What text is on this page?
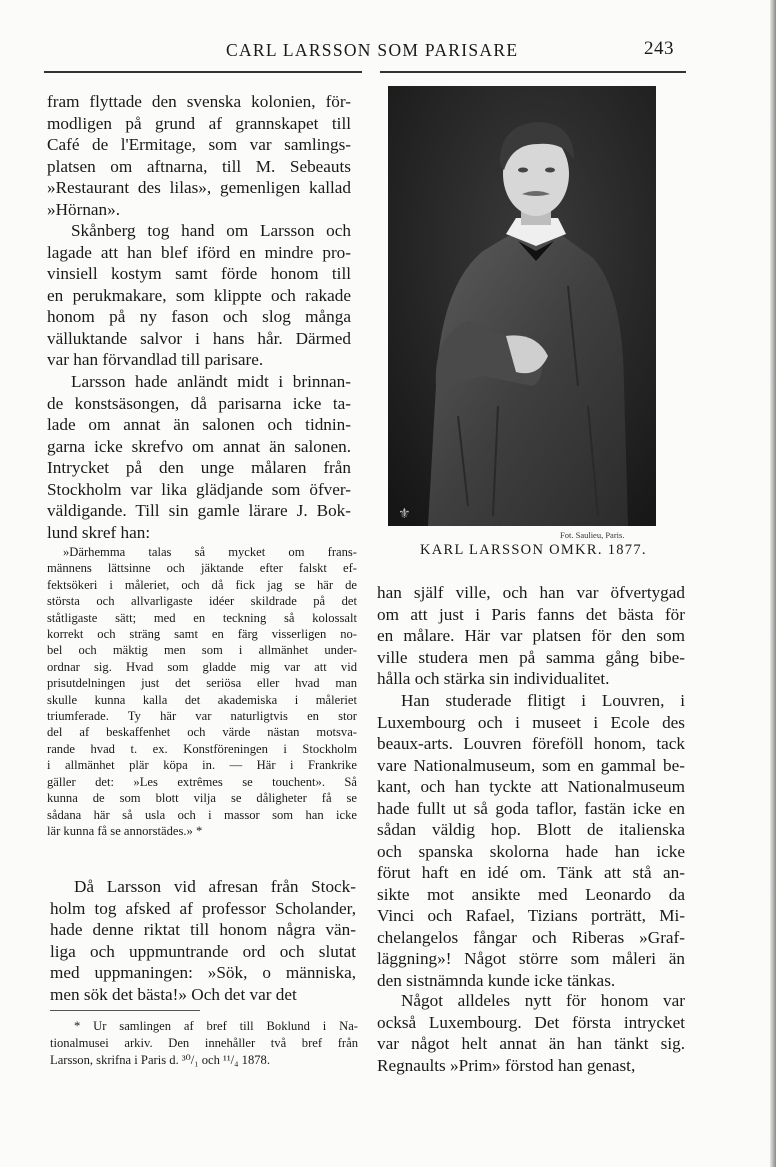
CARL LARSSON SOM PARISARE	243
fram flyttade den svenska kolonien, för-
modligen på grund af grannskapet till
Café de l'Ermitage, som var samlings-
platsen om aftnarna, till M. Sebeauts
»Restaurant des lilas», gemenligen kallad
»Hörnan».
Skånberg tog hand om Larsson och
lagade att han blef iförd en mindre pro-
vinsiell kostym samt förde honom till
en perukmakare, som klippte och rakade
honom på ny fason och slog många
välluktande salvor i hans hår. Därmed
var han förvandlad till parisare.
Larsson hade anländt midt i brinnan-
de konstsäsongen, då parisarna icke ta-
lade om annat än salonen och tidnin-
garna icke skrefvo om annat än salonen.
Intrycket på den unge målaren från
Stockholm var lika glädjande som öfver-
väldigande. Till sin gamle lärare J. Bok-
lund skref han:
»Därhemma talas så mycket om frans-
männens lättsinne och jäktande efter falskt ef-
fektsökeri i måleriet, och då fick jag se här de
största och allvarligaste idéer skildrade på det
ståtligaste sätt; med en teckning så kolossalt
korrekt och sträng samt en färg visserligen no-
bel och mäktig men som i allmänhet under-
ordnar sig. Hvad som gladde mig var att vid
prisutdelningen just det seriösa eller hvad man
skulle kunna kalla det akademiska i måleriet
triumferade. Ty här var naturligtvis en stor
del af beskaffenhet och värde nästan motsva-
rande hvad t. ex. Konstföreningen i Stockholm
i allmänhet plär köpa in. — Här i Frankrike
gäller det: »Les extrêmes se touchent». Så
kunna de som blott vilja se dåligheter få se
sådana här så usla och i massor som han icke
lär kunna få se annorstädes.» *
Då Larsson vid afresan från Stock-
holm tog afsked af professor Scholander,
hade denne riktat till honom några vän-
liga och uppmuntrande ord och slutat
med uppmaningen: »Sök, o människa,
men sök det bästa!» Och det var det
* Ur samlingen af bref till Boklund i Na-
tionalmusei arkiv. Den innehåller två bref från
Larsson, skrifna i Paris d. ³⁰/₁ och ¹¹/₄ 1878.
⚜
Fot. Saulieu, Paris.
KARL LARSSON OMKR. 1877.
han själf ville, och han var öfvertygad
om att just i Paris fanns det bästa för
en målare. Här var platsen för den som
ville studera men på samma gång bibe-
hålla och stärka sin individualitet.
Han studerade flitigt i Louvren, i
Luxembourg och i museet i Ecole des
beaux-arts. Louvren föreföll honom, tack
vare Nationalmuseum, som en gammal be-
kant, och han tyckte att Nationalmuseum
hade fullt ut så goda taflor, fastän icke en
sådan väldig hop. Blott de italienska
och spanska skolorna hade han icke
förut haft en idé om. Tänk att stå an-
sikte mot ansikte med Leonardo da
Vinci och Rafael, Tizians porträtt, Mi-
chelangelos fångar och Riberas »Graf-
läggning»! Något större som måleri än
den sistnämnda kunde icke tänkas.
Något alldeles nytt för honom var
också Luxembourg. Det första intrycket
var något helt annat än han tänkt sig.
Regnaults »Prim» förstod han genast,
